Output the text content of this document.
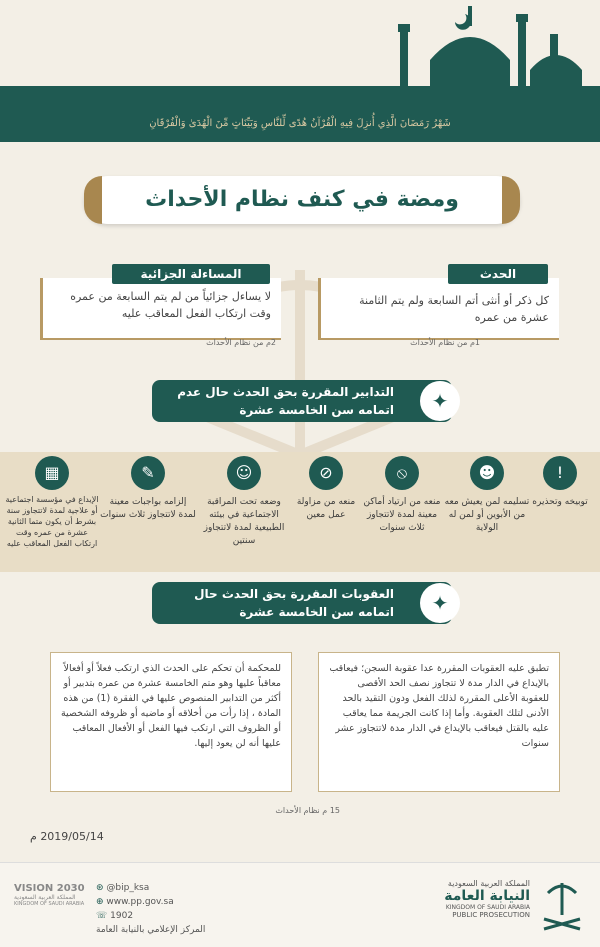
شَهْرُ رَمَضَانَ الَّذِي أُنزِلَ فِيهِ الْقُرْآنُ هُدًى لِّلنَّاسِ وَبَيِّنَاتٍ مِّنَ الْهُدَىٰ وَالْفُرْقَانِ
ومضة في كنف نظام الأحداث
كل ذكر أو أنثى أتم السابعة ولم يتم الثامنة عشرة من عمره
الحدث
1م من نظام الأحداث
لا يساءل جزائياً من لم يتم السابعة من عمره وقت ارتكاب الفعل المعاقب عليه
المساءلة الجزائية
2م من نظام الأحداث
التدابير المقررة بحق الحدث حال عدم اتمامه سن الخامسة عشرة	✦
!
توبيخه وتحذيره
☻
تسليمه لمن يعيش معه من الأبوين أو لمن له الولاية
⦸
منعه من ارتياد أماكن معينة لمدة لاتتجاوز ثلاث سنوات
⊘
منعه من مزاولة عمل معين
☺
وضعه تحت المراقبة الاجتماعية في بيئته الطبيعية لمدة لاتتجاوز سنتين
✎
إلزامه بواجبات معينة لمدة لاتتجاوز ثلاث سنوات
▦
الإيداع في مؤسسة اجتماعية أو علاجية لمدة لاتتجاوز سنة بشرط أن يكون متما الثانية عشرة من عمره وقت ارتكاب الفعل المعاقب عليه
العقوبات المقررة بحق الحدث حال اتمامه سن الخامسة عشرة	✦
تطبق عليه العقوبات المقررة عدا عقوبة السجن؛ فيعاقب بالإيداع في الدار مدة لا تتجاوز نصف الحد الأقصى للعقوبة الأعلى المقررة لذلك الفعل ودون التقيد بالحد الأدنى لتلك العقوبة. وأما إذا كانت الجريمة مما يعاقب عليه بالقتل فيعاقب بالإيداع في الدار مدة لاتتجاوز عشر سنوات
للمحكمة أن تحكم على الحدث الذي ارتكب فعلاً أو أفعالاً معاقباً عليها وهو متم الخامسة عشرة من عمره بتدبير أو أكثر من التدابير المنصوص عليها في الفقرة (1) من هذه المادة ، إذا رأت من أخلاقه أو ماضيه أو ظروفه الشخصية أو الظروف التي ارتكب فيها الفعل أو الأفعال المعاقب عليها أنه لن يعود إليها.
15 م نظام الأحداث
2019/05/14 م
VISION 2030
المملكة العربية السعودية
KINGDOM OF SAUDI ARABIA
⊛ @bip_ksa
⊕ www.pp.gov.sa
☏ 1902
المركز الإعلامي بالنيابة العامة
المملكة العربية السعودية
النيابة العامة
KINGDOM OF SAUDI ARABIA
PUBLIC PROSECUTION
